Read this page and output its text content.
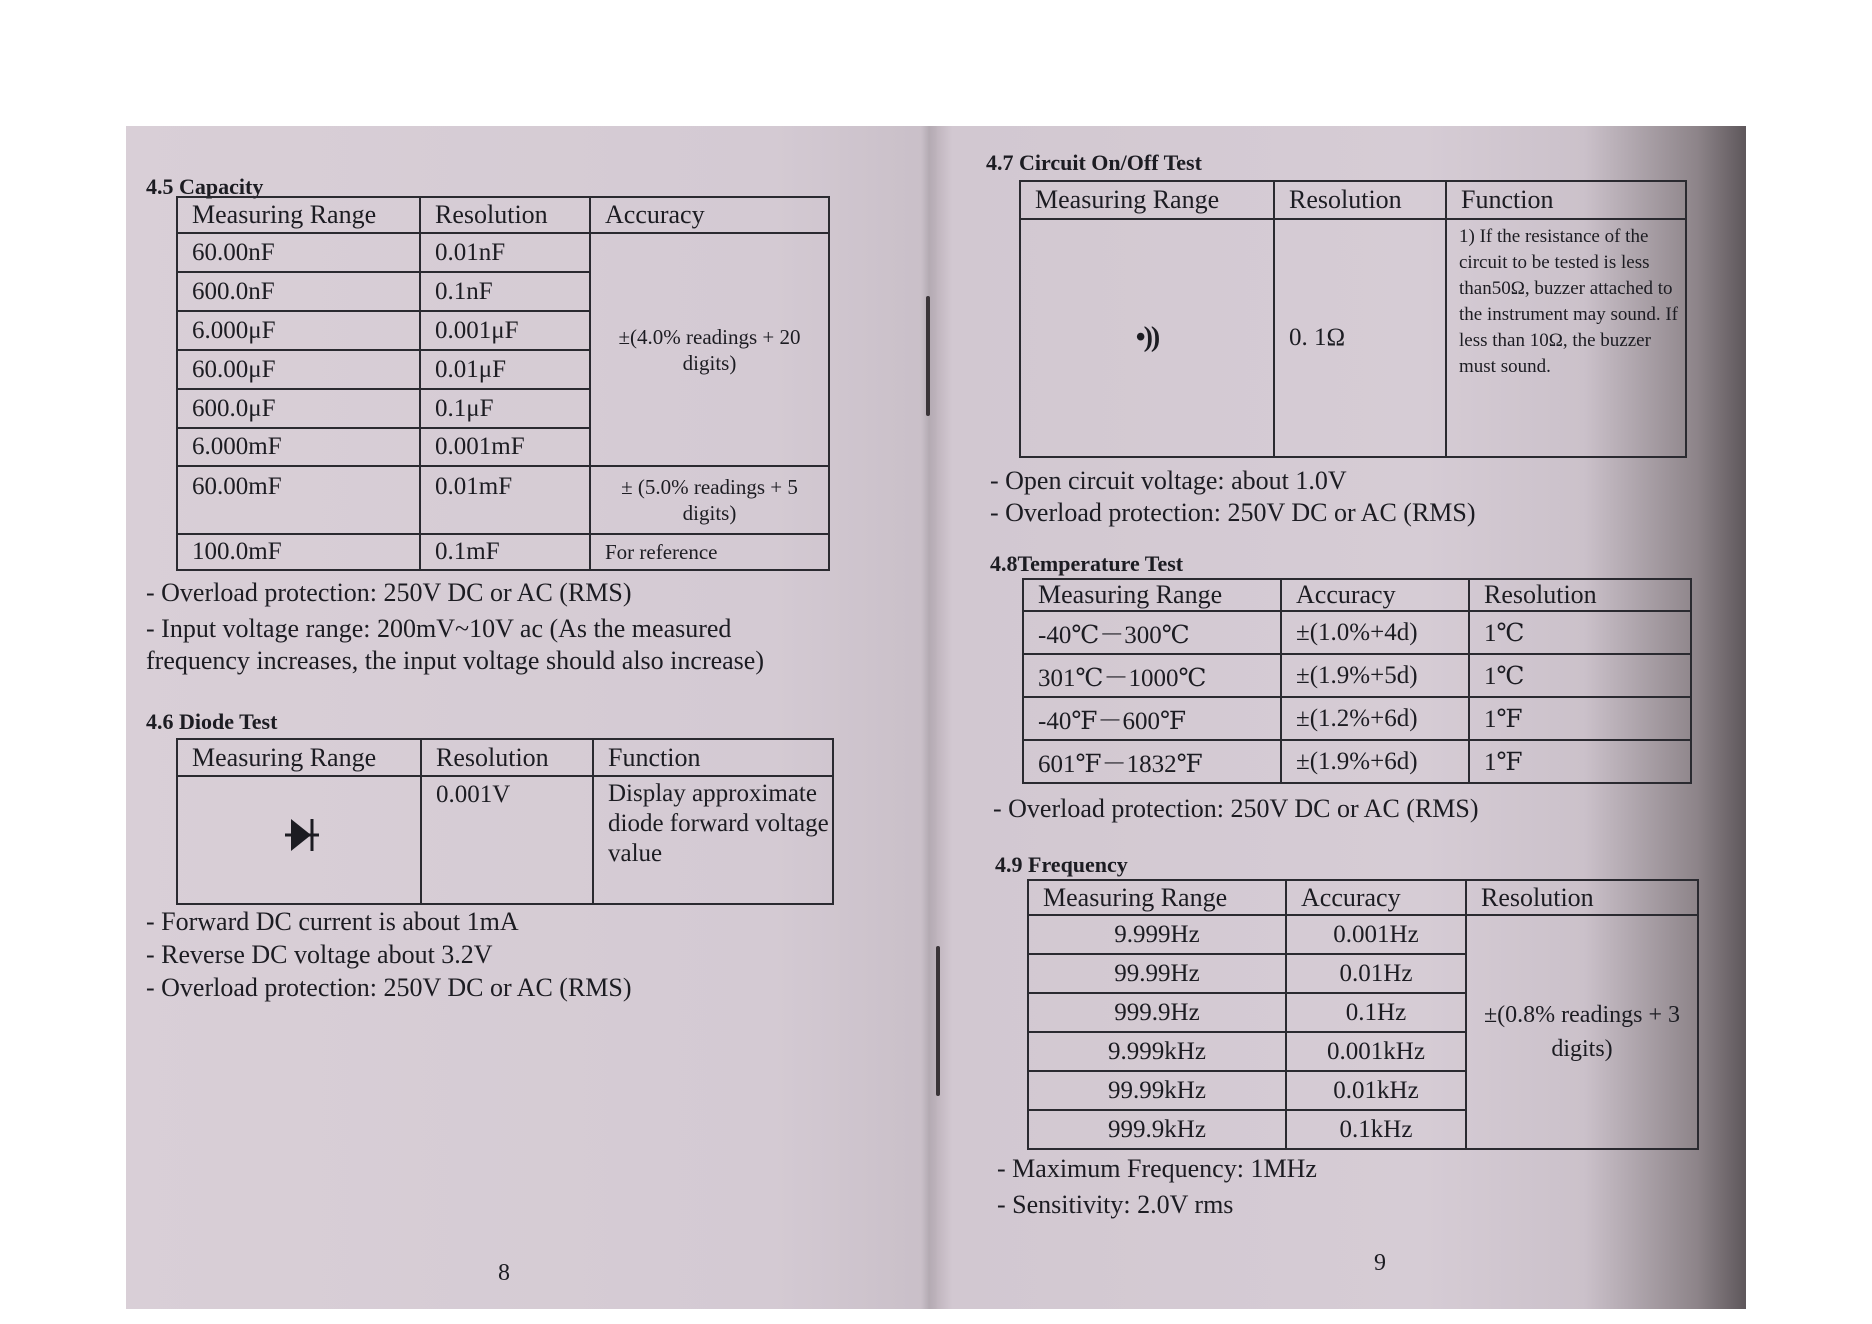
4.5 Capacity
Measuring Range	Resolution	Accuracy
60.00nF	0.01nF	±(4.0% readings + 20 digits)
600.0nF	0.1nF	
6.000μF	0.001μF	
60.00μF	0.01μF	
600.0μF	0.1μF	
6.000mF	0.001mF	
60.00mF	0.01mF	± (5.0% readings + 5 digits)
100.0mF	0.1mF	For reference
- Overload protection: 250V DC or AC (RMS)
- Input voltage range: 200mV~10V ac (As the measured
frequency increases, the input voltage should also increase)
4.6 Diode Test
Measuring Range	Resolution	Function

	0.001V	Display approximate diode forward voltage value
- Forward DC current is about 1mA
- Reverse DC voltage about 3.2V
- Overload protection: 250V DC or AC (RMS)
8
4.7 Circuit On/Off Test
Measuring Range	Resolution	Function
•))	0. 1Ω	1) If the resistance of the circuit to be tested is less than50Ω, buzzer attached to the instrument may sound. If less than 10Ω, the buzzer must sound.
- Open circuit voltage: about 1.0V
- Overload protection: 250V DC or AC (RMS)
4.8Temperature Test
Measuring Range	Accuracy	Resolution
-40℃－300℃	±(1.0%+4d)	1℃
301℃－1000℃	±(1.9%+5d)	1℃
-40℉－600℉	±(1.2%+6d)	1℉
601℉－1832℉	±(1.9%+6d)	1℉
- Overload protection: 250V DC or AC (RMS)
4.9 Frequency
Measuring Range	Accuracy	Resolution
9.999Hz	0.001Hz	±(0.8% readings + 3 digits)
99.99Hz	0.01Hz	
999.9Hz	0.1Hz	
9.999kHz	0.001kHz	
99.99kHz	0.01kHz	
999.9kHz	0.1kHz	
- Maximum Frequency: 1MHz
- Sensitivity: 2.0V rms
9
